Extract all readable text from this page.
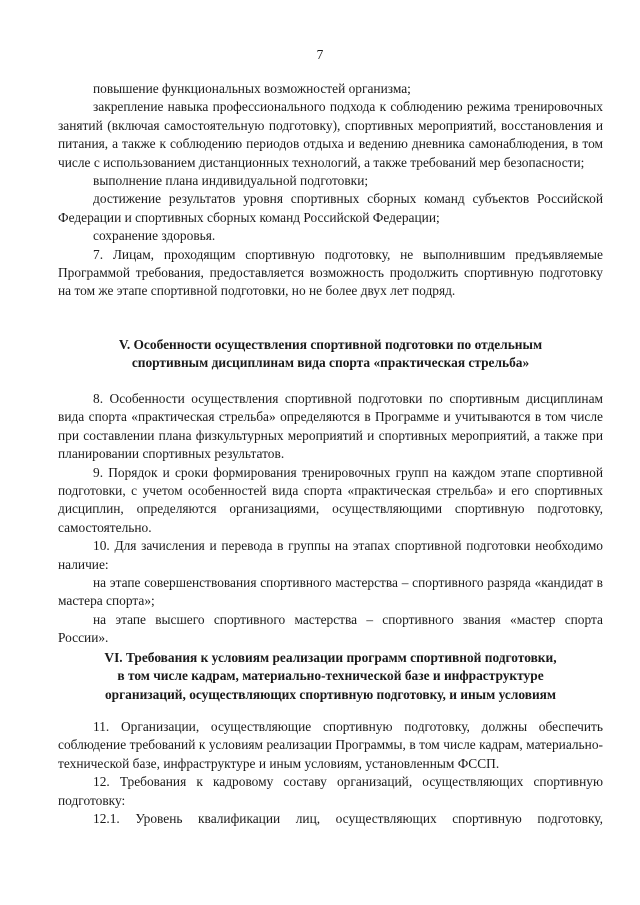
7

повышение функциональных возможностей организма;

закрепление навыка профессионального подхода к соблюдению режима тренировочных занятий (включая самостоятельную подготовку), спортивных мероприятий, восстановления и питания, а также к соблюдению периодов отдыха и ведению дневника самонаблюдения, в том числе с использованием дистанционных технологий, а также требований мер безопасности;

выполнение плана индивидуальной подготовки;

достижение результатов уровня спортивных сборных команд субъектов Российской Федерации и спортивных сборных команд Российской Федерации;

сохранение здоровья.

7. Лицам, проходящим спортивную подготовку, не выполнившим предъявляемые Программой требования, предоставляется возможность продолжить спортивную подготовку на том же этапе спортивной подготовки, но не более двух лет подряд.

V. Особенности осуществления спортивной подготовки по отдельным
спортивным дисциплинам вида спорта «практическая стрельба»

8. Особенности осуществления спортивной подготовки по спортивным дисциплинам вида спорта «практическая стрельба» определяются в Программе и учитываются в том числе при составлении плана физкультурных мероприятий и спортивных мероприятий, а также при планировании спортивных результатов.

9. Порядок и сроки формирования тренировочных групп на каждом этапе спортивной подготовки, с учетом особенностей вида спорта «практическая стрельба» и его спортивных дисциплин, определяются организациями, осуществляющими спортивную подготовку, самостоятельно.

10. Для зачисления и перевода в группы на этапах спортивной подготовки необходимо наличие:

на этапе совершенствования спортивного мастерства – спортивного разряда «кандидат в мастера спорта»;

на этапе высшего спортивного мастерства – спортивного звания «мастер спорта России».

VI. Требования к условиям реализации программ спортивной подготовки,
в том числе кадрам, материально-технической базе и инфраструктуре
организаций, осуществляющих спортивную подготовку, и иным условиям

11. Организации, осуществляющие спортивную подготовку, должны обеспечить соблюдение требований к условиям реализации Программы, в том числе кадрам, материально-технической базе, инфраструктуре и иным условиям, установленным ФССП.

12. Требования к кадровому составу организаций, осуществляющих спортивную подготовку:

12.1. Уровень квалификации лиц, осуществляющих спортивную подготовку,
